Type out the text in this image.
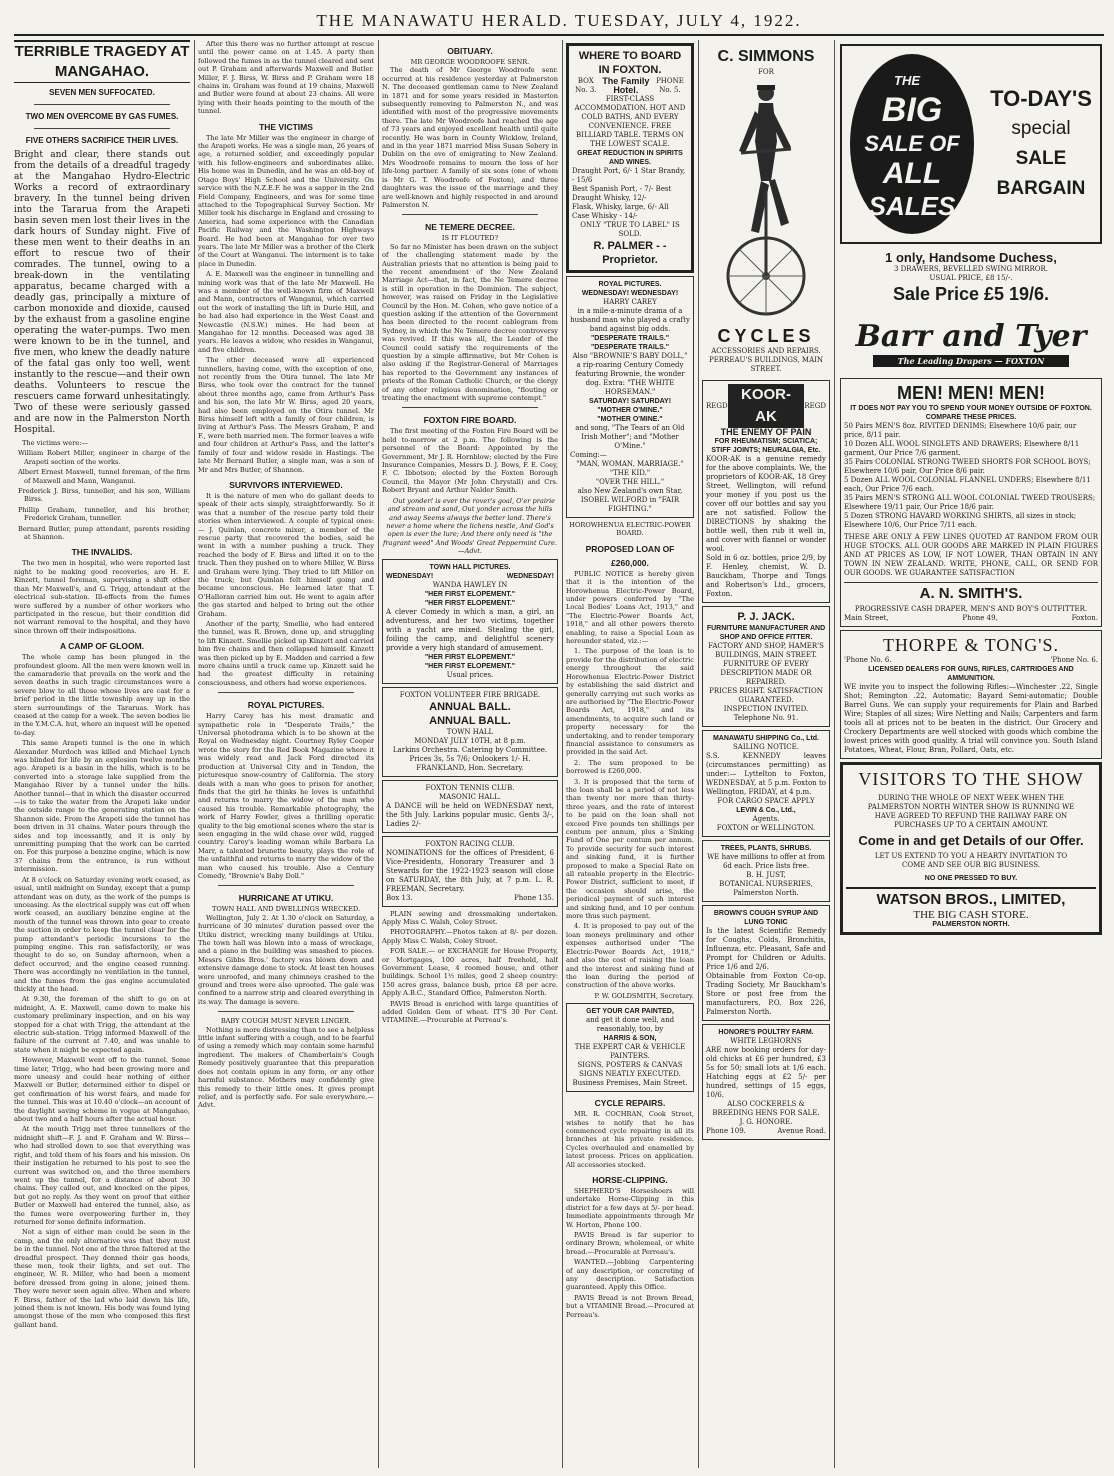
THE MANAWATU HERALD. TUESDAY, JULY 4, 1922.
TERRIBLE TRAGEDY AT MANGAHAO.
SEVEN MEN SUFFOCATED.
TWO MEN OVERCOME BY GAS FUMES.
FIVE OTHERS SACRIFICE THEIR LIVES.
Bright and clear, there stands out from the details of a dreadful tragedy at the Mangahao Hydro-Electric Works a record of extraordinary bravery. In the tunnel being driven into the Tararua from the Arapeti basin seven men lost their lives in the dark hours of Sunday night. Five of these men went to their deaths in an effort to rescue two of their comrades. The tunnel, owing to a break-down in the ventilating apparatus, became charged with a deadly gas, principally a mixture of carbon monoxide and dioxide, caused by the exhaust from a gasoline engine operating the water-pumps. Two men were known to be in the tunnel, and five men, who knew the deadly nature of the fatal gas only too well, went instantly to the rescue—and their own deaths. Volunteers to rescue the rescuers came forward unhesitatingly. Two of these were seriously gassed and are now in the Palmerston North Hospital.

The victims were:—

William Robert Miller, engineer in charge of the Arapeti section of the works.

Albert Ernest Maxwell, tunnel foreman, of the firm of Maxwell and Mann, Wanganui.

Frederick J. Birss, tunneller, and his son, William Birss.

Phillip Graham, tunneller, and his brother, Frederick Graham, tunneller.

Bernard Butler, pump attendant, parents residing at Shannon.

THE INVALIDS.

The two men in hospital, who were reported last night to be making good recoveries, are H. E. Kinzett, tunnel foreman, supervising a shift other than Mr Maxwell's, and G. Trigg, attendant at the electrical sub-station. Ill-effects from the fumes were suffered by a number of other workers who participated in the rescue, but their condition did not warrant removal to the hospital, and they have since thrown off their indispositions.

A CAMP OF GLOOM.

The whole camp has been plunged in the profoundest gloom. All the men were known well in the camaraderie that prevails on the work and the seven deaths in such tragic circumstances were a severe blow to all those whose lives are cast for a brief period in the little township away up in the stern surroundings of the Tararuas. Work has ceased at the camp for a week. The seven bodies lie in the Y.M.C.A. hut, where an inquest will be opened to-day.

This same Arapeti tunnel is the one in which Alexander Murdoch was killed and Michael Lynch was blinded for life by an explosion twelve months ago. Arapeti is a basin in the hills, which is to be converted into a storage lake supplied from the Mangahao River by a tunnel under the hills. Another tunnel—that in which the disaster occurred—is to take the water from the Arapeti lake under the outside range to the generating station on the Shannon side. From the Arapeti side the tunnel has been driven in 31 chains. Water pours through the sides and top incessantly, and it is only by unremitting pumping that the work can be carried on. For this purpose a benzine engine, which is now 37 chains from the entrance, is run without intermission.

At 8 o'clock on Saturday evening work ceased, as usual, until midnight on Sunday, except that a pump attendant was on duty, as the work of the pumps is unceasing. As the electrical supply was cut off when work ceased, an auxiliary benzine engine at the mouth of the tunnel was thrown into gear to create the suction in order to keep the tunnel clear for the pump attendant's periodic incursions to the pumping engine. This ran satisfactorily, or was thought to do so, on Sunday afternoon, when a defect occurred, and the engine ceased running. There was accordingly no ventilation in the tunnel, and the fumes from the gas engine accumulated thickly at the head.

At 9.30, the foreman of the shift to go on at midnight, A. E. Maxwell, came down to make his customary preliminary inspection, and on his way stopped for a chat with Trigg, the attendant at the electric sub-station. Trigg informed Maxwell of the failure of the current at 7.40, and was unable to state when it might be expected again.

However, Maxwell went off to the tunnel. Some time later, Trigg, who had been growing more and more uneasy and could hear nothing of either Maxwell or Butler, determined either to dispel or get confirmation of his worst fears, and made for the tunnel. This was at 10.40 o'clock—an account of the daylight saving scheme in vogue at Mangahao, about two and a half hours after the actual hour.

At the mouth Trigg met three tunnellers of the midnight shift—F. J. and F. Graham and W. Birss—who had strolled down to see that everything was right, and told them of his fears and his mission. On their instigation he returned to his post to see the current was switched on, and the three members went up the tunnel, for a distance of about 30 chains. They called out, and knocked on the pipes, but got no reply. As they went on proof that either Butler or Maxwell had entered the tunnel, also, as the fumes were overpowering further in, they returned for some definite information.

Not a sign of either man could be seen in the camp, and the only alternative was that they must be in the tunnel. Not one of the three faltered at the dreadful prospect. They donned their gas hoods, these men, took their lights, and set out. The engineer, W. R. Miller, who had been a moment before dressed from going in alone, joined them. They were never seen again alive. When and where F. Birss, father of the lad who laid down his life, joined them is not known. His body was found lying amongst those of the men who composed this first gallant band.

After this there was no further attempt at rescue until the power came on at 1.45. A party then followed the fumes in as the tunnel cleared and sent out P. Graham and afterwards Maxwell and Butler. Miller, F. J. Birss, W. Birss and P. Graham were 18 chains in. Graham was found at 19 chains, Maxwell and Butler were found at about 23 chains. All were lying with their heads pointing to the mouth of the tunnel.

THE VICTIMS

The late Mr Miller was the engineer in charge of the Arapeti works. He was a single man, 26 years of age, a returned soldier, and exceedingly popular with his fellow-engineers and subordinates alike. His home was in Dunedin, and he was an old-boy of Otago Boys' High School and the University. On service with the N.Z.E.F. he was a sapper in the 2nd Field Company, Engineers, and was for some time attached to the Topographical Survey Section. Mr Miller took his discharge in England and crossing to America, had some experience with the Canadian Pacific Railway and the Washington Highways Board. He had been at Mangahao for over two years. The late Mr Miller was a brother of the Clerk of the Court at Wanganui. The interment is to take place in Dunedin.

A. E. Maxwell was the engineer in tunnelling and mining work was that of the late Mr Maxwell. He was a member of the well-known firm of Maxwell and Mann, contractors of Wanganui, which carried out the work of installing the lift in Durie Hill, and he had also had experience in the West Coast and Newcastle (N.S.W.) mines. He had been at Mangahao for 12 months. Deceased was aged 38 years. He leaves a widow, who resides in Wanganui, and five children.

The other deceased were all experienced tunnellers, having come, with the exception of one, not recently from the Otira tunnel. The late Mr Birss, who took over the contract for the tunnel about three months ago, came from Arthur's Pass and his son, the late Mr W. Birss, aged 20 years, had also been employed on the Otira tunnel. Mr Birss himself left with a family of four children, is living at Arthur's Pass. The Messrs Graham, P. and F., were both married men. The former leaves a wife and four children at Arthur's Pass, and the latter's family of four and widow reside in Hastings. The late Mr Bernard Butler, a single man, was a son of Mr and Mrs Butler, of Shannon.

SURVIVORS INTERVIEWED.

It is the nature of men who do gallant deeds to speak of their acts simply, straightforwardly. So it was that a number of the rescue party told their stories when interviewed. A couple of typical ones:— J. Quinlan, concrete mixer, a member of the rescue party that recovered the bodies, said he went in with a number pushing a truck. They reached the body of F. Birss and lifted it on to the truck. Then they pushed on to where Miller, W. Birss and Graham were lying. They tried to lift Miller on the truck; but Quinlan felt himself going and became unconscious. He learned later that T. O'Halloran carried him out. He went to again after the gas started and helped to bring out the other Graham.

Another of the party, Smellie, who had entered the tunnel, was R. Brown, done up, and struggling to lift Kinzett. Smellie picked up Kinzett and carried him five chains and then collapsed himself. Kinzett was then picked up by E. Madden and carried a few more chains until a truck came up. Kinzett said he had the greatest difficulty in retaining consciousness, and others had worse experiences.

ROYAL PICTURES.

Harry Carey has his most dramatic and sympathetic role in "Desperate Trails," the Universal photodrama which is to be shown at the Royal on Wednesday night. Courtney Ryley Cooper wrote the story for the Red Book Magazine where it was widely read and Jack Ford directed its production at Universal City and in Tendon, the picturesque snow-country of California. The story deals with a man who goes to prison for another, finds that the girl he thinks he loves is unfaithful and returns to marry the widow of the man who caused his trouble. Remarkable photography, the work of Harry Fowler, gives a thrilling operatic quality to the big emotional scenes where the star is seen engaging in the wild chase over wild, rugged country. Carey's leading woman while Barbara La Marr, a talented brunette beauty, plays the role of the unfaithful and returns to marry the widow of the man who caused his trouble. Also a Century Comedy, "Brownie's Baby Doll."

HURRICANE AT UTIKU.
TOWN HALL AND DWELLINGS WRECKED.

Wellington, July 2. At 1.30 o'clock on Saturday, a hurricane of 30 minutes' duration passed over the Utiku district, wrecking many buildings at Utiku. The town hall was blown into a mass of wreckage, and a piano in the building was smashed to pieces. Messrs Gibbs Bros.' factory was blown down and extensive damage done to stock. At least ten houses were unroofed, and many chimneys crashed to the ground and trees were also uprooted. The gale was confined to a narrow strip and cleared everything in its way. The damage is severe.

BABY COUGH MUST NEVER LINGER.

Nothing is more distressing than to see a helpless little infant suffering with a cough, and to be fearful of using a remedy which may contain some harmful ingredient. The makers of Chamberlain's Cough Remedy positively guarantee that this preparation does not contain opium in any form, or any other harmful substance. Mothers may confidently give this remedy to their little ones. It gives prompt relief, and is perfectly safe. For sale everywhere.—Advt.

OBITUARY.
MR GEORGE WOODROOFE SENR.

The death of Mr George Woodroofe senr. occurred at his residence yesterday at Palmerston N. The deceased gentleman came to New Zealand in 1871 and for some years resided in Masterton subsequently removing to Palmerston N., and was identified with most of the progressive movements there. The late Mr Woodroofe had reached the age of 73 years and enjoyed excellent health until quite recently. He was born in County Wicklow, Ireland, and in the year 1871 married Miss Susan Sebery in Dublin on the eve of emigrating to New Zealand. Mrs Woodroofe remains to mourn the loss of her life-long partner. A family of six sons (one of whom is Mr G. T. Woodroofe of Foxton), and three daughters was the issue of the marriage and they are well-known and highly respected in and around Palmerston N.

NE TEMERE DECREE.
IS IT FLOUTED?

So far no Minister has been drawn on the subject of the challenging statement made by the Australian priests that no attention is being paid to the recent amendment of the New Zealand Marriage Act—that, in fact, the Ne Temere decree is still in operation in the Dominion. The subject, however, was raised on Friday in the Legislative Council by the Hon. M. Cohen, who gave notice of a question asking if the attention of the Government has been directed to the recent cablegram from Sydney, in which the Ne Temere decree controversy was revived. If this was all, the Leader of the Council could satisfy the requirements of the question by a simple affirmative, but Mr Cohen is also asking if the Registrar-General of Marriages has reported to the Government any instances of priests of the Roman Catholic Church, or the clergy of any other religious denomination, "flouting or treating the enactment with supreme contempt."

FOXTON FIRE BOARD.

The first meeting of the Foxton Fire Board will be held to-morrow at 2 p.m. The following is the personnel of the Board: Appointed by the Government, Mr J. R. Hornblow; elected by the Fire Insurance Companies, Messrs D. J. Bows, F. E. Coey, F. C. Ibbotson; elected by the Foxton Borough Council, the Mayor (Mr John Chrystall) and Crs. Robert Bryant and Arthur Nalder Smith.

Out yonder! is ever the rover's goal, O'er prairie and stream and sand, Out yonder across the hills and away Seems always the better land. There's never a home where the lichens nestle, And God's open is ever the lure; And there only need is "the fragrant weed" And Woods' Great Peppermint Cure.—Advt.

TOWN HALL PICTURES.
WEDNESDAY!	WEDNESDAY!
WANDA HAWLEY IN
"HER FIRST ELOPEMENT."
"HER FIRST ELOPEMENT."
A clever Comedy in which a man, a girl, an adventuress, and her two victims, together with a yacht are mixed. Stealing the girl, foiling the camp, and delightful scenery provide a very high standard of amusement.
"HER FIRST ELOPEMENT."
"HER FIRST ELOPEMENT."
Usual prices.
FOXTON VOLUNTEER FIRE BRIGADE.
ANNUAL BALL.
ANNUAL BALL.
TOWN HALL
MONDAY JULY 10TH, at 8 p.m.
Larkins Orchestra. Catering by Committee. Prices 3s, 5s 7/6; Onlookers 1/- H. FRANKLAND, Hon. Secretary.
FOXTON TENNIS CLUB.
MASONIC HALL.
A DANCE will be held on WEDNESDAY next, the 5th July. Larkins popular music. Gents 3/-, Ladies 2/-
FOXTON RACING CLUB.
NOMINATIONS for the offices of President, 6 Vice-Presidents, Honorary Treasurer and 3 Stewards for the 1922-1923 season will close on SATURDAY, the 8th July, at 7 p.m. L. R. FREEMAN, Secretary.
Box 13.	Phone 135.

PLAIN sewing and dressmaking undertaken. Apply Miss C. Walsh, Coley Street.

PHOTOGRAPHY.—Photos taken at 8/- per dozen. Apply Miss C. Walsh, Coley Street.

FOR SALE.— or EXCHANGE for House Property, or Mortgages, 100 acres, half freehold, half Government Lease, 4 roomed house, and other buildings. School 1½ miles, good 2 sheep country: 150 acres grass, balance bush, price £8 per acre. Apply A.B.C., Standard Office, Palmerston North.

PAVIS Bread is enriched with large quantities of added Golden Gem of wheat. IT'S 30 Per Cent. VITAMINE.—Procurable at Perreau's.

WHERE TO BOARD IN FOXTON.
BOX No. 3.
The Family Hotel.
PHONE No. 5.
FIRST-CLASS ACCOMMODATION. HOT AND COLD BATHS, AND EVERY CONVENIENCE. FREE BILLIARD TABLE. TERMS ON THE LOWEST SCALE.
GREAT REDUCTION IN SPIRITS AND WINES.
Draught Port, 6/- 1 Star Brandy, - 15/6
Best Spanish Port, - 7/- Best Draught Whisky, 12/-
Flask, Whisky, large, 6/- All Case Whisky - 14/-
ONLY "TRUE TO LABEL" IS SOLD.
R. PALMER - - Proprietor.
ROYAL PICTURES.
WEDNESDAY! WEDNESDAY!
HARRY CAREY
in a mile-a-minute drama of a husband man who played a crafty band against big odds.
"DESPERATE TRAILS."
"DESPERATE TRAILS."
Also "BROWNIE'S BABY DOLL," a rip-roaring Century Comedy featuring Brownie, the wonder dog. Extra: "THE WHITE HORSEMAN."
SATURDAY! SATURDAY!
"MOTHER O'MINE."
"MOTHER O'MINE."
and song, "The Tears of an Old Irish Mother"; and "Mother O'Mine."
Coming:—
"MAN, WOMAN, MARRIAGE."
"THE KID."
"OVER THE HILL."
also New Zealand's own Star, ISOBEL WILFORD in "FAIR FIGHTING."
HOROWHENUA ELECTRIC-POWER BOARD.
PROPOSED LOAN OF £260,000.

PUBLIC NOTICE is hereby given that it is the intention of the Horowhenua Electric-Power Board, under powers conferred by "The Local Bodies' Loans Act, 1913," and "The Electric-Power Boards Act, 1918," and all other powers thereto enabling, to raise a Special Loan as hereunder stated, viz.:—

1. The purpose of the loan is to provide for the distribution of electric energy throughout the said Horowhenua Electric-Power District by establishing the said district and generally carrying out such works as are authorised by "The Electric-Power Boards Act, 1918," and its amendments, to acquire such land or property necessary for the undertaking, and to render temporary financial assistance to consumers as provided in the said Act.

2. The sum proposed to be borrowed is £260,000.

3. It is proposed that the term of the loan shall be a period of not less than twenty nor more than thirty-three years, and the rate of interest to be paid on the loan shall not exceed Five pounds ten shillings per centum per annum, plus a Sinking Fund of One per centum per annum. To provide security for such interest and sinking fund, it is further proposed to make a Special Rate on all rateable property in the Electric-Power District, sufficient to meet, if the occasion should arise, the periodical payment of such interest and sinking fund, and 10 per centum more thus such payment.

4. It is proposed to pay out of the loan moneys preliminary and other expenses authorised under "The Electric-Power Boards Act, 1918," and also the cost of raising the loan and the interest and sinking fund of the loan during the period of construction of the above works.

P. W. GOLDSMITH, Secretary.
GET YOUR CAR PAINTED,
and get it done well, and reasonably, too, by
HARRIS & SON,
THE EXPERT CAR & VEHICLE PAINTERS.
SIGNS, POSTERS & CANVAS SIGNS NEATLY EXECUTED.
Business Premises, Main Street.
CYCLE REPAIRS.

MR. R. COCHRAN, Cook Street, wishes to notify that he has commenced cycle repairing in all its branches at his private residence. Cycles overhauled and enamelled by latest process. Prices on application. All accessories stocked.

HORSE-CLIPPING.

SHEPHERD'S Horseshoers will undertake Horse-Clipping in this district for a few days at 5/- per head. Immediate appointments through Mr W. Horton, Phone 100.

PAVIS Bread is far superior to ordinary Brown, wholemeal, or white bread.—Procurable at Perreau's.

WANTED.—Jobbing Carpentering of any description, or concreting of any description. Satisfaction guaranteed. Apply this Office.

PAVIS Bread is not Brown Bread, but a VITAMINE Bread.—Procured at Perreau's.

C. SIMMONS
FOR
CYCLES
ACCESSORIES AND REPAIRS.
PERREAU'S BUILDINGS, MAIN STREET.
REGD
KOOR-AK
REGD
THE ENEMY OF PAIN
FOR RHEUMATISM; SCIATICA; STIFF JOINTS; NEURALGIA, Etc.
KOOR-AK is a genuine remedy for the above complaints. We, the proprietors of KOOR-AK, 18 Grey Street, Wellington, will refund your money if you post us the cover off our bottles and say you are not satisfied. Follow the DIRECTIONS by shaking the bottle well, then rub it well in, and cover with flannel or wonder wool.
Sold in 6 oz. bottles, price 2/9, by F. Henley, chemist, W. D. Bauckham, Thorpe and Tongs and Robertson's Ltd., grocers, Foxton.
P. J. JACK.
FURNITURE MANUFACTURER AND SHOP AND OFFICE FITTER.
FACTORY AND SHOP, HAMER'S BUILDINGS, MAIN STREET.
FURNITURE OF EVERY DESCRIPTION MADE OR REPAIRED.
PRICES RIGHT. SATISFACTION GUARANTEED.
INSPECTION INVITED.
Telephone No. 91.
MANAWATU SHIPPING Co., Ltd.
SAILING NOTICE.
S.S. KENNEDY leaves (circumstances permitting) as under:— Lyttelton to Foxton, WEDNESDAY, at 5 p.m. Foxton to Wellington, FRIDAY, at 4 p.m.
FOR CARGO SPACE APPLY
LEVIN & Co., Ltd.,
Agents.
FOXTON or WELLINGTON.
TREES, PLANTS, SHRUBS.
WE have millions to offer at from 6d each. Price lists free.
B. H. JUST,
BOTANICAL NURSERIES, Palmerston North.
BROWN'S COUGH SYRUP AND LUNG TONIC
Is the latest Scientific Remedy for Coughs, Colds, Bronchitis, Influenza, etc. Pleasant, Safe and Prompt for Children or Adults. Price 1/6 and 2/6.
Obtainable from Foxton Co-op. Trading Society, Mr Bauckham's Store or post free from the manufacturers, P.O. Box 226, Palmerston North.
HONORE'S POULTRY FARM.
WHITE LEGHORNS
ARE now booking orders for day-old chicks at £6 per hundred, £3 5s for 50; small lots at 1/6 each. Hatching eggs at £2 5/- per hundred, settings of 15 eggs, 10/6.
ALSO COCKERELS & BREEDING HENS FOR SALE.
J. G. HONORE.
Phone 109.	Avenue Road.
THE
BIG
SALE OF
ALL
SALES
TO-DAY'S
special
SALE
BARGAIN
1 only, Handsome Duchess,
3 DRAWERS, BEVELLED SWING MIRROR.
USUAL PRICE, £8 15/-.
Sale Price £5 19/6.
Barr and Tyer
The Leading Drapers — FOXTON
MEN! MEN! MEN!
IT DOES NOT PAY YOU TO SPEND YOUR MONEY OUTSIDE OF FOXTON. COMPARE THESE PRICES.
50 Pairs MEN'S 8oz. RIVITED DENIMS; Elsewhere 10/6 pair, our price, 8/11 pair.
10 Dozen ALL WOOL SINGLETS AND DRAWERS; Elsewhere 8/11 garment, Our Price 7/6 garment.
35 Pairs COLONIAL STRONG TWEED SHORTS FOR SCHOOL BOYS; Elsewhere 10/6 pair, Our Price 8/6 pair.
5 Dozen ALL WOOL COLONIAL FLANNEL UNDERS; Elsewhere 8/11 each, Our Price 7/6 each.
35 Pairs MEN'S STRONG ALL WOOL COLONIAL TWEED TROUSERS; Elsewhere 19/11 pair, Our Price 18/6 pair.
5 Dozen STRONG HAVARD WORKING SHIRTS, all sizes in stock; Elsewhere 10/6, Our Price 7/11 each.
THESE ARE ONLY A FEW LINES QUOTED AT RANDOM FROM OUR HUGE STOCKS. ALL OUR GOODS ARE MARKED IN PLAIN FIGURES AND AT PRICES AS LOW, IF NOT LOWER, THAN OBTAIN IN ANY TOWN IN NEW ZEALAND. WRITE, PHONE, CALL, OR SEND FOR OUR GOODS. WE GUARANTEE SATISFACTION
A. N. SMITH'S.
PROGRESSIVE CASH DRAPER, MEN'S AND BOY'S OUTFITTER.
Main Street,	Phone 49,	Foxton.
THORPE & TONG'S.
'Phone No. 6.	'Phone No. 6.
LICENSED DEALERS FOR GUNS, RIFLES, CARTRIDGES AND AMMUNITION.
WE invite you to inspect the following Rifles:—Winchester .22, Single Shot; Remington .22, Automatic; Bayard Semi-automatic; Double Barrel Guns. We can supply your requirements for Plain and Barbed Wire; Staples of all sizes; Wire Netting and Nails; Carpenters and farm tools all at prices not to be beaten in the district. Our Grocery and Crockery Departments are well stocked with goods which combine the lowest prices with good quality. A trial will convince you. South Island Potatoes, Wheat, Flour, Bran, Pollard, Oats, etc.
VISITORS TO THE SHOW
DURING THE WHOLE OF NEXT WEEK WHEN THE PALMERSTON NORTH WINTER SHOW IS RUNNING WE HAVE AGREED TO REFUND THE RAILWAY FARE ON PURCHASES UP TO A CERTAIN AMOUNT.
Come in and get Details of our Offer.
LET US EXTEND TO YOU A HEARTY INVITATION TO COME AND SEE OUR BIG BUSINESS.
NO ONE PRESSED TO BUY.
WATSON BROS., LIMITED,
THE BIG CASH STORE.
PALMERSTON NORTH.
